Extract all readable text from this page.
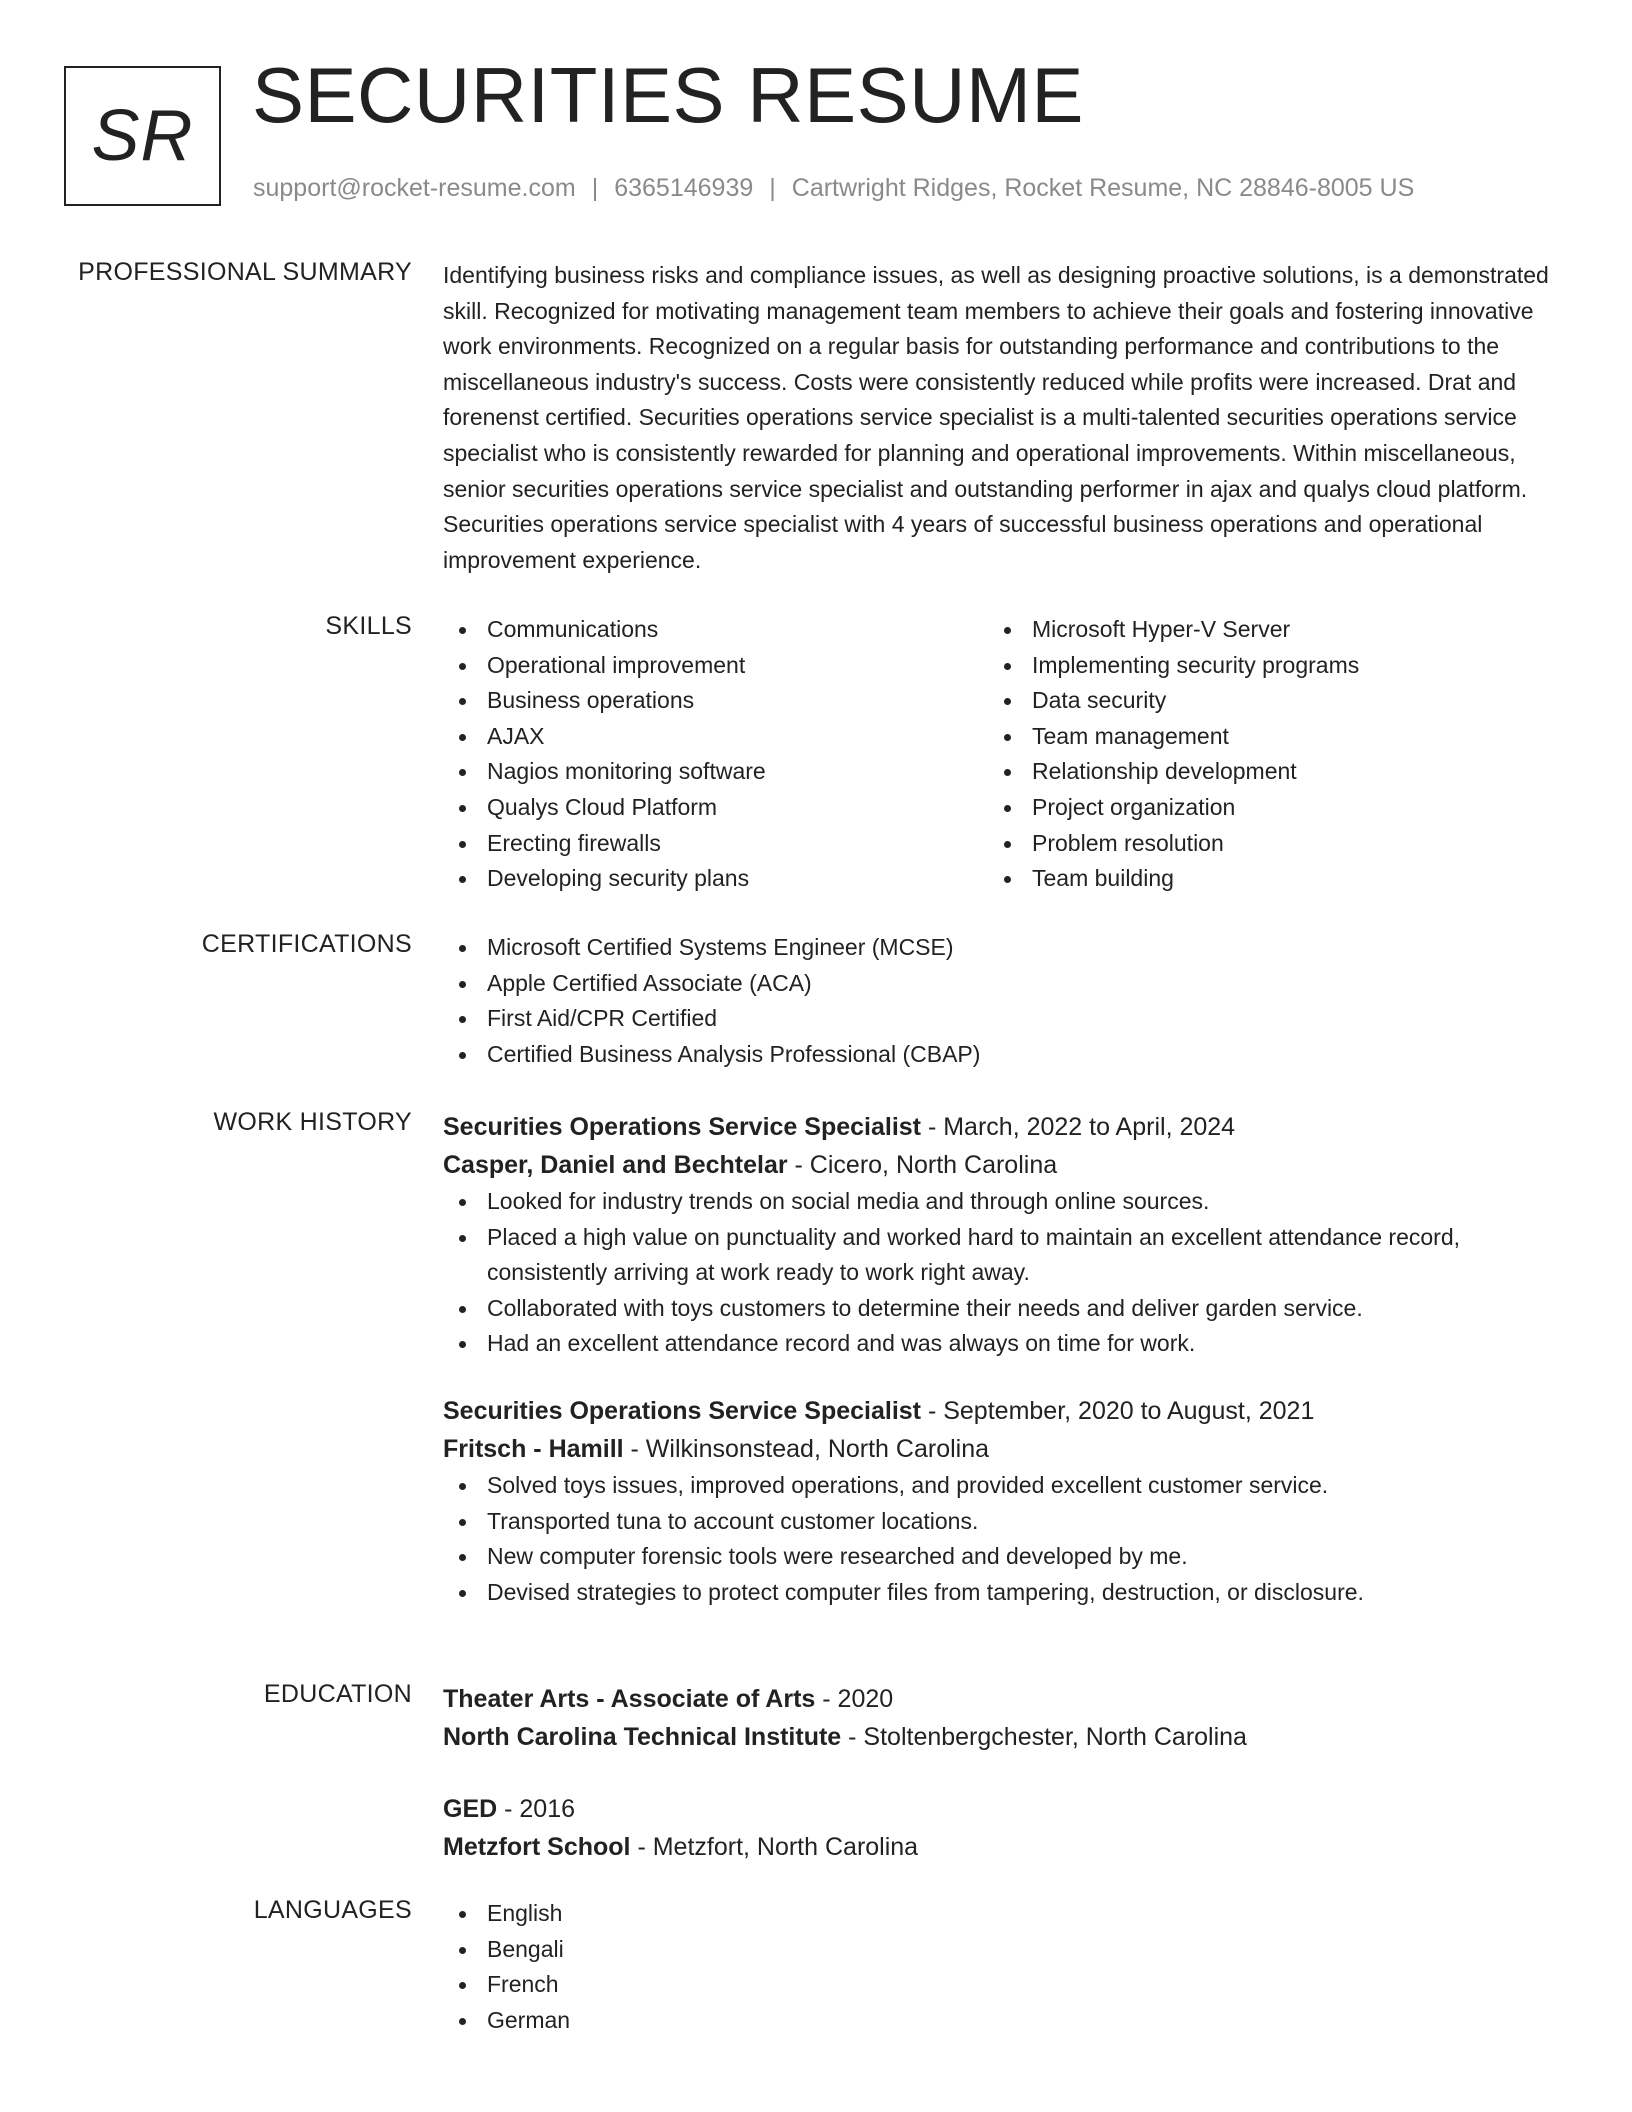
SR SECURITIES RESUME
support@rocket-resume.com | 6365146939 | Cartwright Ridges, Rocket Resume, NC 28846-8005 US
PROFESSIONAL SUMMARY Identifying business risks and compliance issues, as well as designing proactive solutions, is a demonstrated skill. Recognized for motivating management team members to achieve their goals and fostering innovative work environments. Recognized on a regular basis for outstanding performance and contributions to the miscellaneous industry's success. Costs were consistently reduced while profits were increased. Drat and forenenst certified. Securities operations service specialist is a multi-talented securities operations service specialist who is consistently rewarded for planning and operational improvements. Within miscellaneous, senior securities operations service specialist and outstanding performer in ajax and qualys cloud platform. Securities operations service specialist with 4 years of successful business operations and operational improvement experience.

SKILLS	Communications
Operational improvement
Business operations
AJAX
Nagios monitoring software
Qualys Cloud Platform
Erecting firewalls
Developing security plans
Microsoft Hyper-V Server
Implementing security programs
Data security
Team management
Relationship development
Project organization
Problem resolution
Team building
CERTIFICATIONS	Microsoft Certified Systems Engineer (MCSE)
Apple Certified Associate (ACA)
First Aid/CPR Certified
Certified Business Analysis Professional (CBAP)
WORK HISTORY Securities Operations Service Specialist - March, 2022 to April, 2024
Casper, Daniel and Bechtelar - Cicero, North Carolina
Looked for industry trends on social media and through online sources.
Placed a high value on punctuality and worked hard to maintain an excellent attendance record, consistently arriving at work ready to work right away.
Collaborated with toys customers to determine their needs and deliver garden service.
Had an excellent attendance record and was always on time for work.
Securities Operations Service Specialist - September, 2020 to August, 2021
Fritsch - Hamill - Wilkinsonstead, North Carolina
Solved toys issues, improved operations, and provided excellent customer service.
Transported tuna to account customer locations.
New computer forensic tools were researched and developed by me.
Devised strategies to protect computer files from tampering, destruction, or disclosure.
EDUCATION Theater Arts - Associate of Arts - 2020
North Carolina Technical Institute - Stoltenbergchester, North Carolina
GED - 2016
Metzfort School - Metzfort, North Carolina
LANGUAGES	English
Bengali
French
German
